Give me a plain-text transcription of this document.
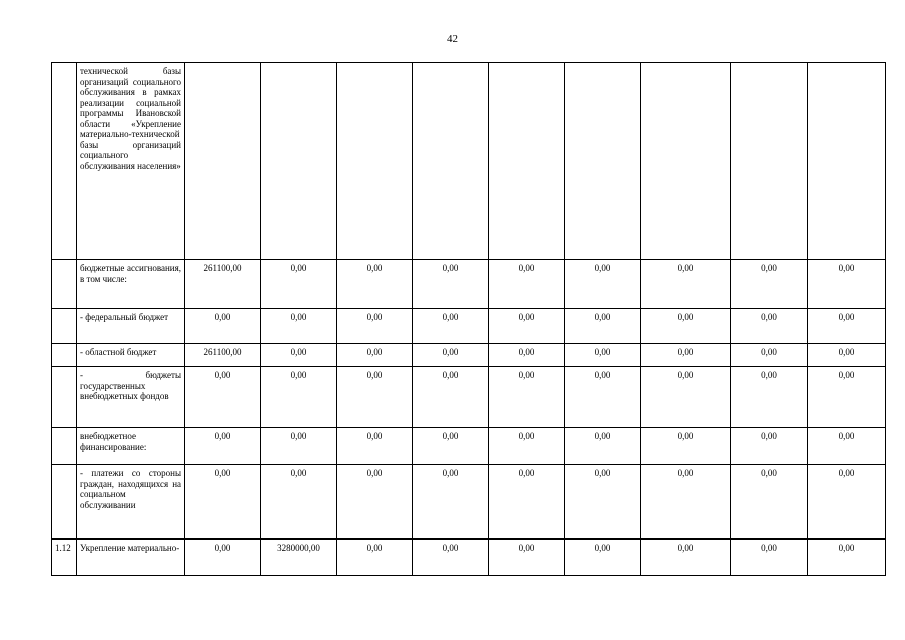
42
	технической базы организаций социального обслуживания в рамках реализации социальной программы Ивановской области «Укрепление материально-технической базы организаций социального обслуживания населения»									
	бюджетные ассигнования, в том числе:	261100,00	0,00	0,00	0,00	0,00	0,00	0,00	0,00	0,00
	- федеральный бюджет	0,00	0,00	0,00	0,00	0,00	0,00	0,00	0,00	0,00
	- областной бюджет	261100,00	0,00	0,00	0,00	0,00	0,00	0,00	0,00	0,00
	- бюджеты государственных внебюджетных фондов	0,00	0,00	0,00	0,00	0,00	0,00	0,00	0,00	0,00
	внебюджетное финансирование:	0,00	0,00	0,00	0,00	0,00	0,00	0,00	0,00	0,00
	- платежи со стороны граждан, находящихся на социальном обслуживании	0,00	0,00	0,00	0,00	0,00	0,00	0,00	0,00	0,00
1.12	Укрепление материально-	0,00	3280000,00	0,00	0,00	0,00	0,00	0,00	0,00	0,00
